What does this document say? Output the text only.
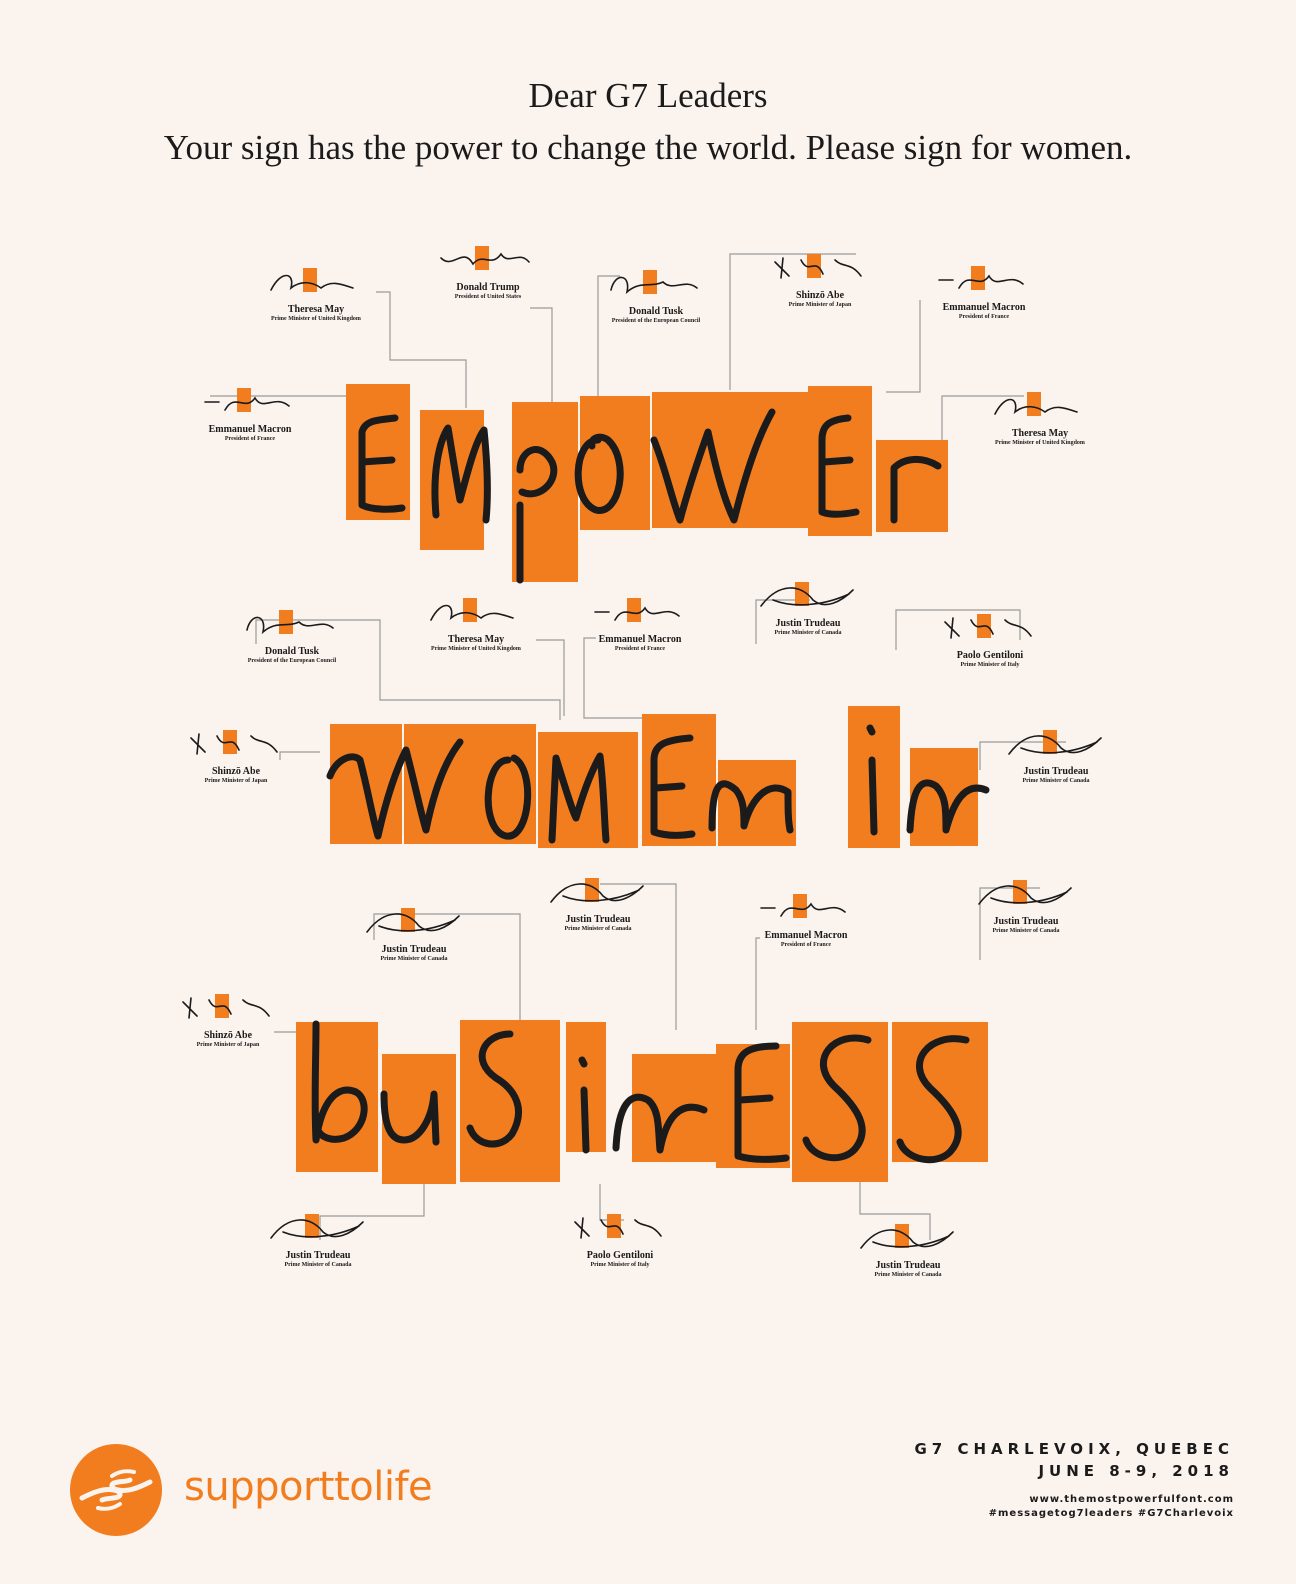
Dear G7 Leaders

Your sign has the power to change the world. Please sign for women.

Theresa May
Prime Minister of United Kingdom
Donald Trump
President of United States
Donald Tusk
President of the European Council
Shinzō Abe
Prime Minister of Japan	Emmanuel Macron
President of France
Emmanuel Macron
President of France	Theresa May
Prime Minister of United Kingdom
Donald Tusk
President of the European Council
Theresa May
Prime Minister of United Kingdom
Emmanuel Macron
President of France
Justin Trudeau
Prime Minister of Canada
Paolo Gentiloni
Prime Minister of Italy
Shinzō Abe
Prime Minister of Japan
Justin Trudeau
Prime Minister of Canada
Justin Trudeau
Prime Minister of Canada
Justin Trudeau
Prime Minister of Canada
Emmanuel Macron
President of France
Justin Trudeau
Prime Minister of Canada
Shinzō Abe
Prime Minister of Japan
Justin Trudeau
Prime Minister of Canada
Paolo Gentiloni
Prime Minister of Italy	Justin Trudeau
Prime Minister of Canada
supporttolife
G7 CHARLEVOIX, QUEBEC
JUNE 8-9, 2018
www.themostpowerfulfont.com
#messagetog7leaders #G7Charlevoix
